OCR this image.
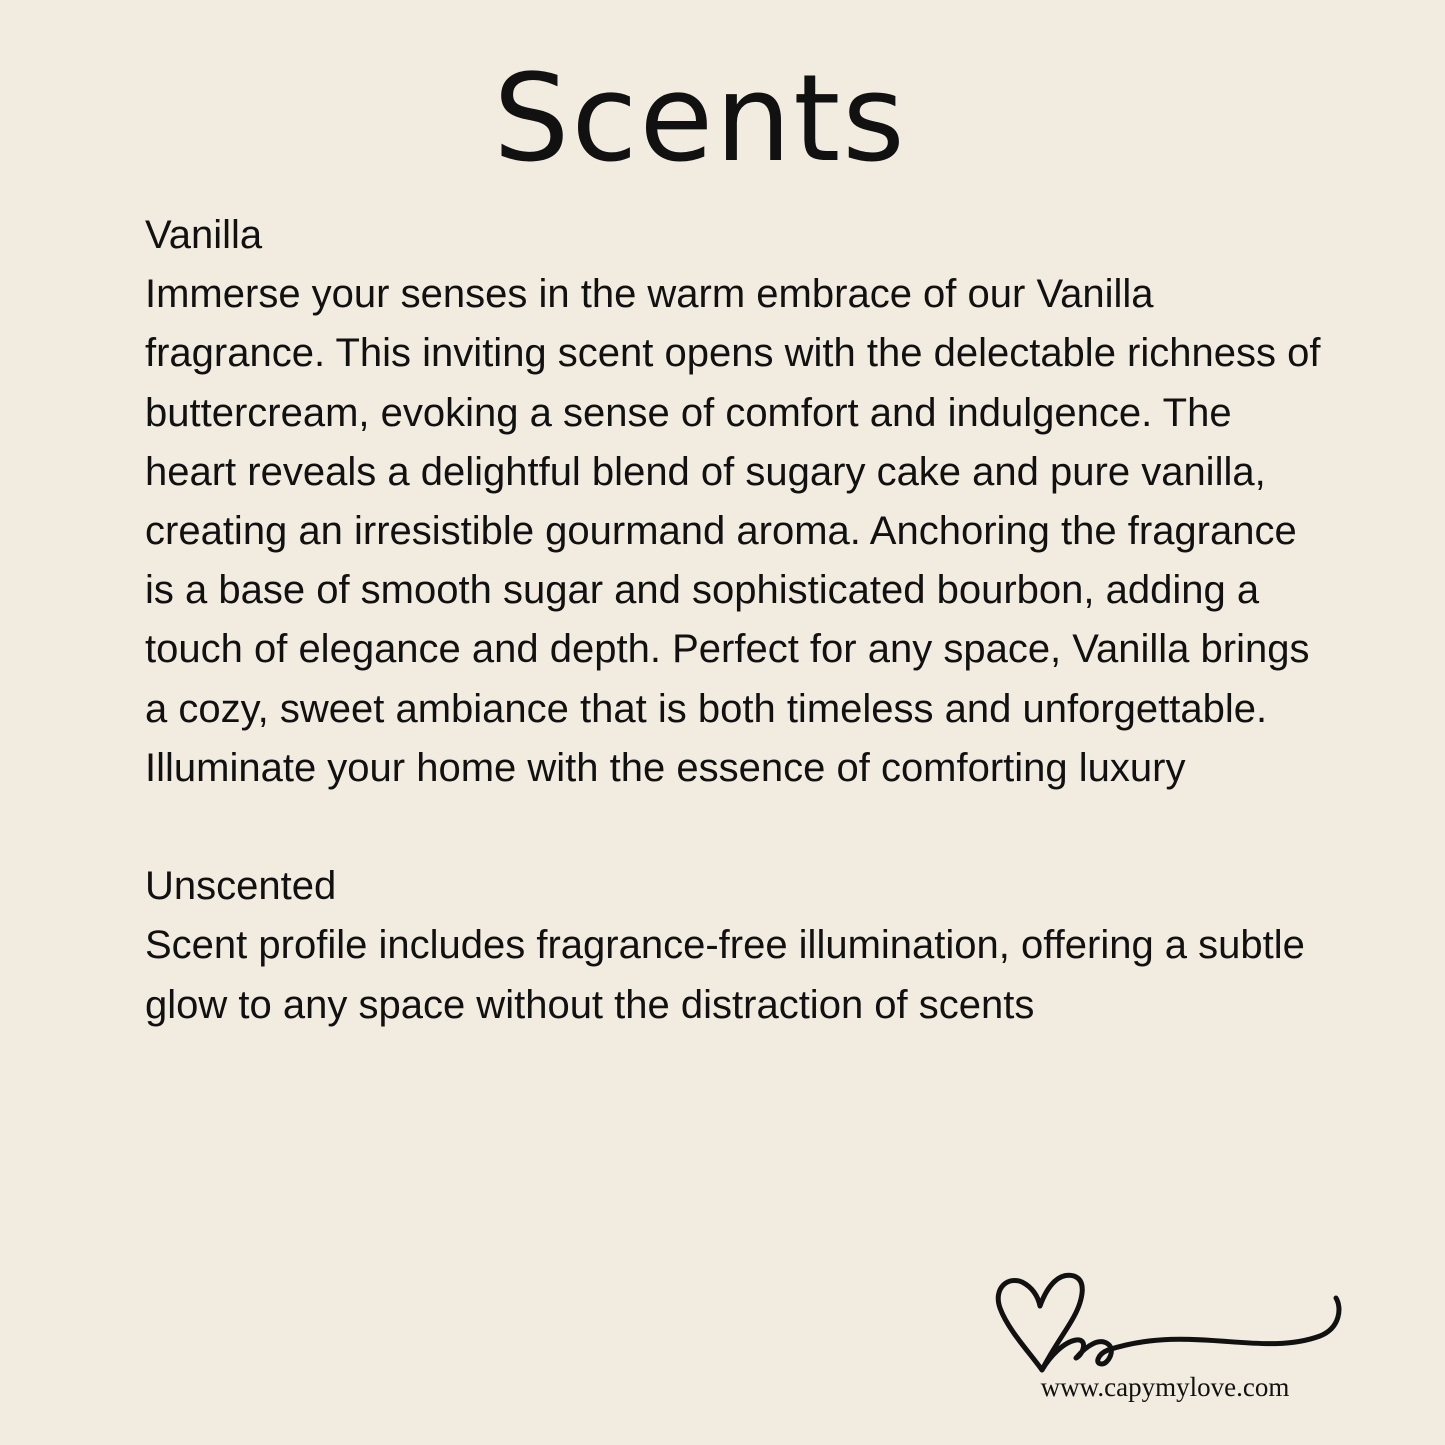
Scents

Vanilla

Immerse your senses in the warm embrace of our Vanilla fragrance. This inviting scent opens with the delectable richness of buttercream, evoking a sense of comfort and indulgence. The heart reveals a delightful blend of sugary cake and pure vanilla, creating an irresistible gourmand aroma. Anchoring the fragrance is a base of smooth sugar and sophisticated bourbon, adding a touch of elegance and depth. Perfect for any space, Vanilla brings a cozy, sweet ambiance that is both timeless and unforgettable. Illuminate your home with the essence of comforting luxury

Unscented

Scent profile includes fragrance-free illumination, offering a subtle glow to any space without the distraction of scents

www.capymylove.com
